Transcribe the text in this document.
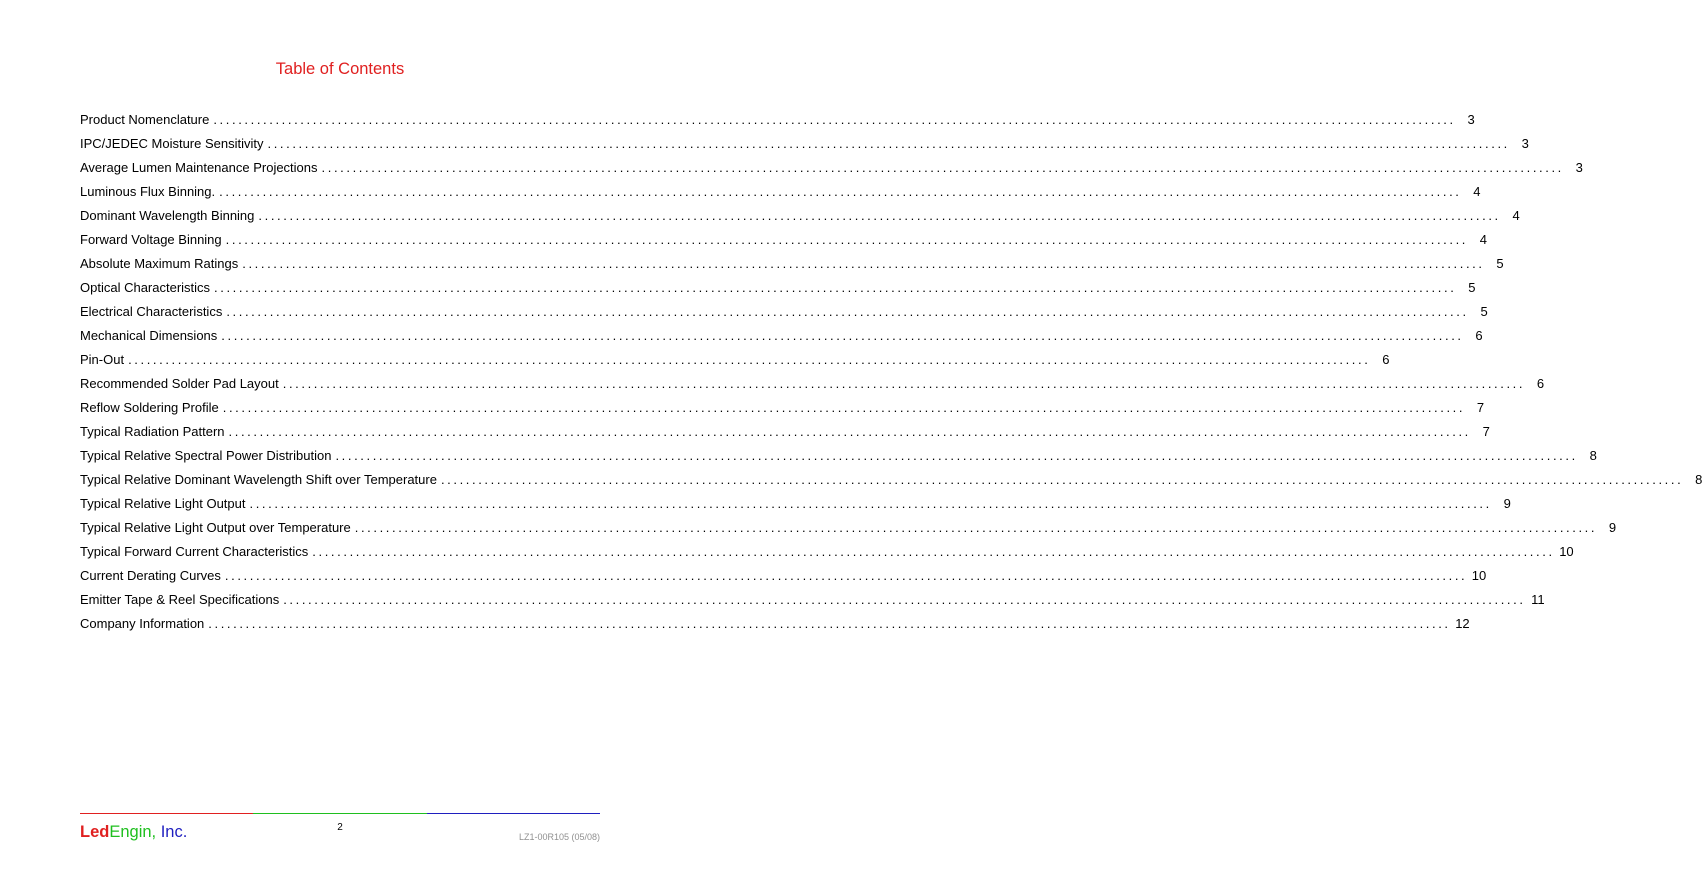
Table of Contents
Product Nomenclature ........................................................................................................................................................................................................ 3
IPC/JEDEC Moisture Sensitivity ........................................................................................................................................................................................................ 3
Average Lumen Maintenance Projections ........................................................................................................................................................................................................ 3
Luminous Flux Binning. ........................................................................................................................................................................................................ 4
Dominant Wavelength Binning ........................................................................................................................................................................................................ 4
Forward Voltage Binning ........................................................................................................................................................................................................ 4
Absolute Maximum Ratings ........................................................................................................................................................................................................ 5
Optical Characteristics ........................................................................................................................................................................................................ 5
Electrical Characteristics ........................................................................................................................................................................................................ 5
Mechanical Dimensions ........................................................................................................................................................................................................ 6
Pin-Out ........................................................................................................................................................................................................ 6
Recommended Solder Pad Layout ........................................................................................................................................................................................................ 6
Reflow Soldering Profile ........................................................................................................................................................................................................ 7
Typical Radiation Pattern ........................................................................................................................................................................................................ 7
Typical Relative Spectral Power Distribution ........................................................................................................................................................................................................ 8
Typical Relative Dominant Wavelength Shift over Temperature ........................................................................................................................................................................................................ 8
Typical Relative Light Output ........................................................................................................................................................................................................ 9
Typical Relative Light Output over Temperature ........................................................................................................................................................................................................ 9
Typical Forward Current Characteristics ........................................................................................................................................................................................................ 10
Current Derating Curves ........................................................................................................................................................................................................ 10
Emitter Tape & Reel Specifications ........................................................................................................................................................................................................ 11
Company Information ........................................................................................................................................................................................................ 12
LedEngin, Inc.	2
LZ1-00R105 (05/08)
